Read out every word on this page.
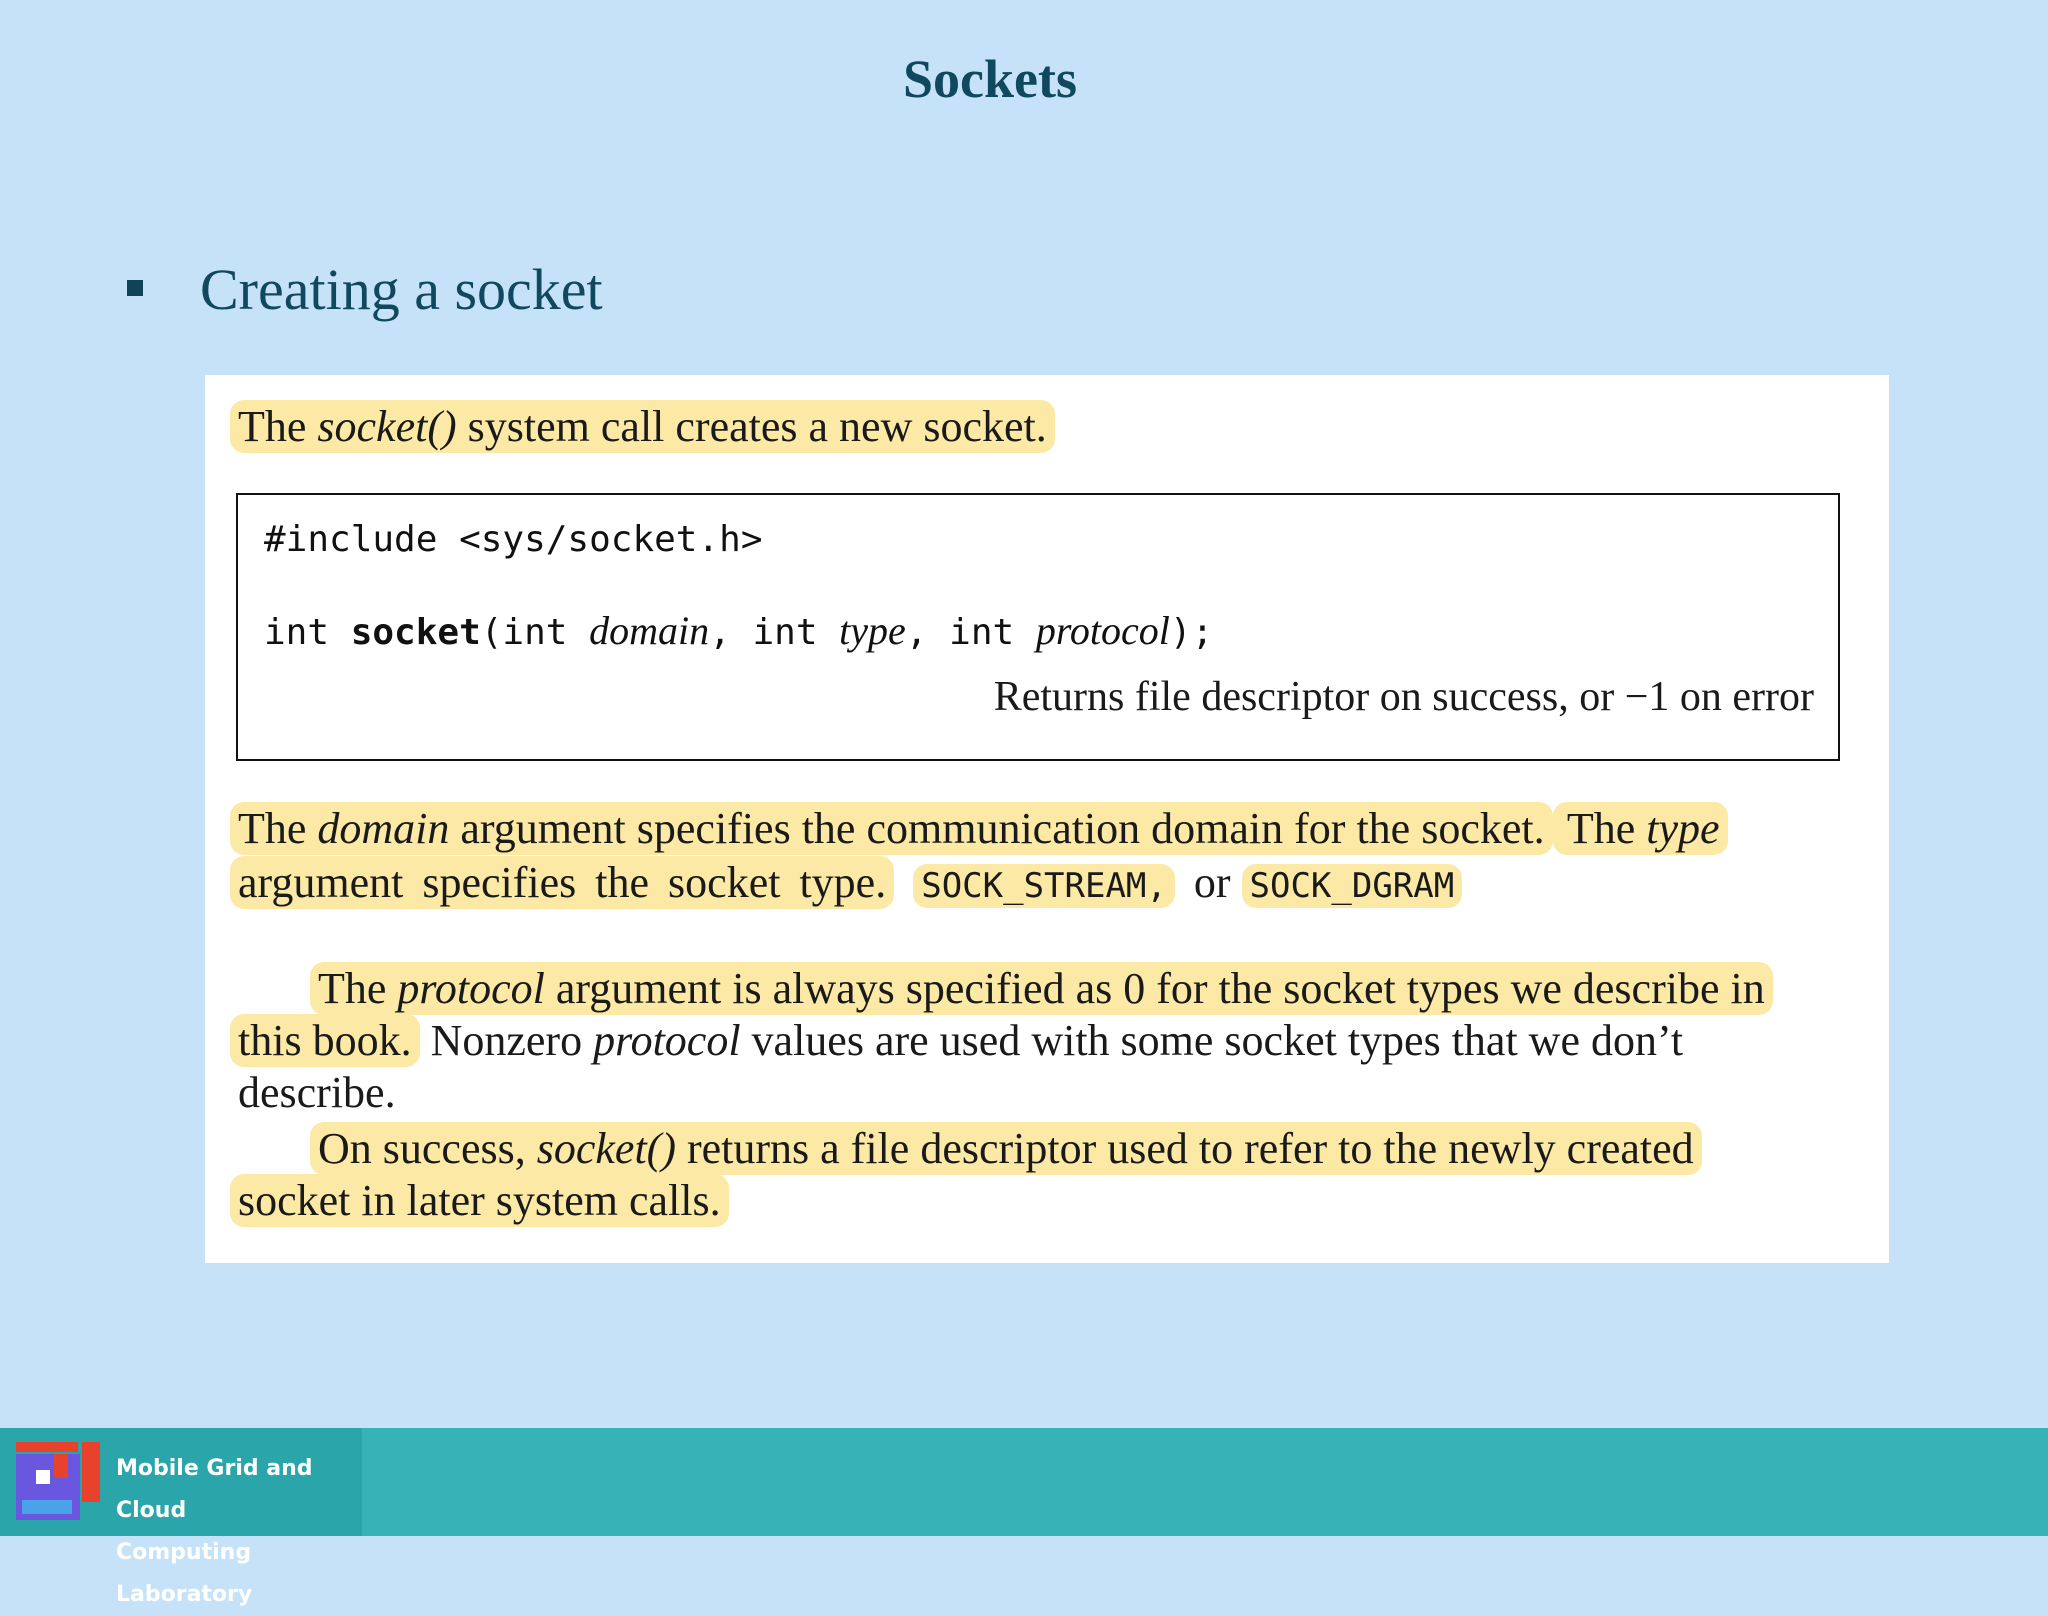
Sockets
Creating a socket
The socket() system call creates a new socket.
#include <sys/socket.h>
int socket(int domain, int type, int protocol);
Returns file descriptor on success, or −1 on error
The domain argument specifies the communication domain for the socket. The type
argument specifies the socket type. SOCK_STREAM, or SOCK_DGRAM
The protocol argument is always specified as 0 for the socket types we describe in
this book. Nonzero protocol values are used with some socket types that we don’t
describe.
On success, socket() returns a file descriptor used to refer to the newly created
socket in later system calls.
Mobile Grid and Cloud
Computing Laboratory
